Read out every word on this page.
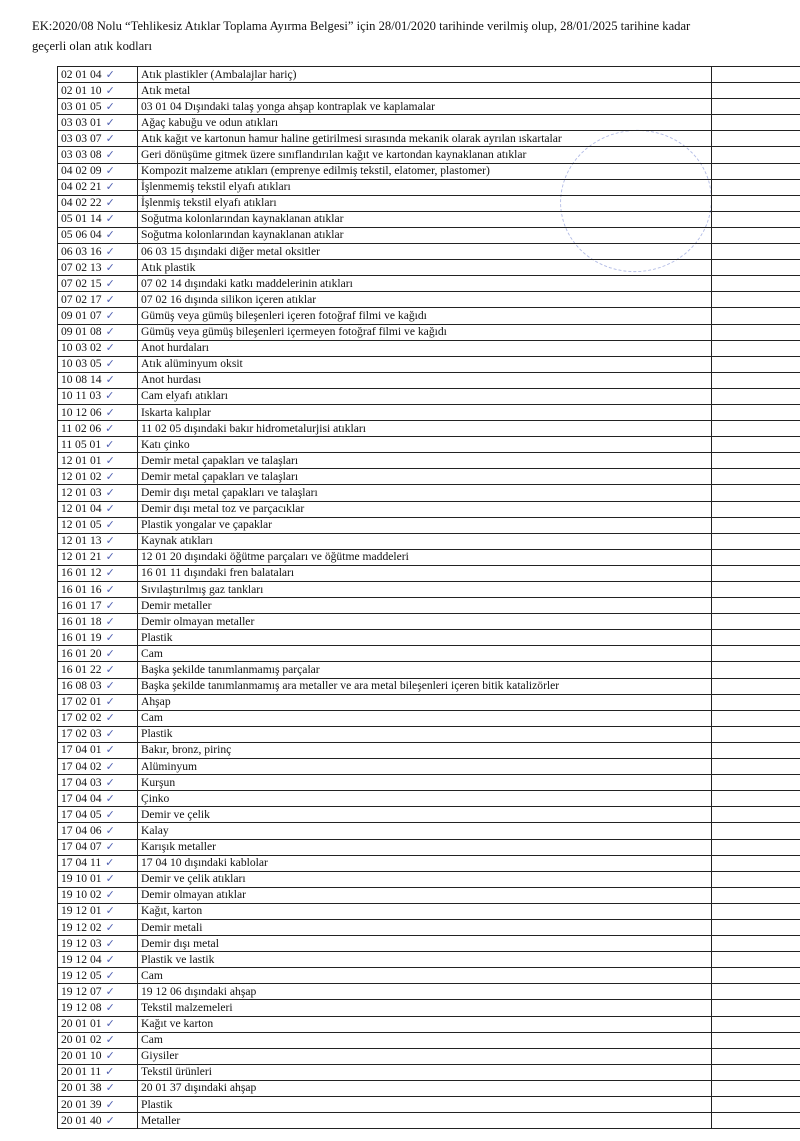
EK:2020/08 Nolu “Tehlikesiz Atıklar Toplama Ayırma Belgesi” için 28/01/2020 tarihinde verilmiş olup, 28/01/2025 tarihine kadar
geçerli olan atık kodları
02 01 04 ✓	Atık plastikler (Ambalajlar hariç)	
02 01 10 ✓	Atık metal	
03 01 05 ✓	03 01 04 Dışındaki talaş yonga ahşap kontraplak ve kaplamalar	
03 03 01 ✓	Ağaç kabuğu ve odun atıkları	
03 03 07 ✓	Atık kağıt ve kartonun hamur haline getirilmesi sırasında mekanik olarak ayrılan ıskartalar	
03 03 08 ✓	Geri dönüşüme gitmek üzere sınıflandırılan kağıt ve kartondan kaynaklanan atıklar	
04 02 09 ✓	Kompozit malzeme atıkları (emprenye edilmiş tekstil, elatomer, plastomer)	
04 02 21 ✓	İşlenmemiş tekstil elyafı atıkları	
04 02 22 ✓	İşlenmiş tekstil elyafı atıkları	
05 01 14 ✓	Soğutma kolonlarından kaynaklanan atıklar	
05 06 04 ✓	Soğutma kolonlarından kaynaklanan atıklar	
06 03 16 ✓	06 03 15 dışındaki diğer metal oksitler	
07 02 13 ✓	Atık plastik	
07 02 15 ✓	07 02 14 dışındaki katkı maddelerinin atıkları	
07 02 17 ✓	07 02 16 dışında silikon içeren atıklar	
09 01 07 ✓	Gümüş veya gümüş bileşenleri içeren fotoğraf filmi ve kağıdı	
09 01 08 ✓	Gümüş veya gümüş bileşenleri içermeyen fotoğraf filmi ve kağıdı	
10 03 02 ✓	Anot hurdaları	
10 03 05 ✓	Atık alüminyum oksit	
10 08 14 ✓	Anot hurdası	
10 11 03 ✓	Cam elyafı atıkları	
10 12 06 ✓	Iskarta kalıplar	
11 02 06 ✓	11 02 05 dışındaki bakır hidrometalurjisi atıkları	
11 05 01 ✓	Katı çinko	
12 01 01 ✓	Demir metal çapakları ve talaşları	
12 01 02 ✓	Demir metal çapakları ve talaşları	
12 01 03 ✓	Demir dışı metal çapakları ve talaşları	
12 01 04 ✓	Demir dışı metal toz ve parçacıklar	
12 01 05 ✓	Plastik yongalar ve çapaklar	
12 01 13 ✓	Kaynak atıkları	
12 01 21 ✓	12 01 20 dışındaki öğütme parçaları ve öğütme maddeleri	
16 01 12 ✓	16 01 11 dışındaki fren balataları	
16 01 16 ✓	Sıvılaştırılmış gaz tankları	
16 01 17 ✓	Demir metaller	
16 01 18 ✓	Demir olmayan metaller	
16 01 19 ✓	Plastik	
16 01 20 ✓	Cam	
16 01 22 ✓	Başka şekilde tanımlanmamış parçalar	
16 08 03 ✓	Başka şekilde tanımlanmamış ara metaller ve ara metal bileşenleri içeren bitik katalizörler	
17 02 01 ✓	Ahşap	
17 02 02 ✓	Cam	
17 02 03 ✓	Plastik	
17 04 01 ✓	Bakır, bronz, pirinç	
17 04 02 ✓	Alüminyum	
17 04 03 ✓	Kurşun	
17 04 04 ✓	Çinko	
17 04 05 ✓	Demir ve çelik	
17 04 06 ✓	Kalay	
17 04 07 ✓	Karışık metaller	
17 04 11 ✓	17 04 10 dışındaki kablolar	
19 10 01 ✓	Demir ve çelik atıkları	
19 10 02 ✓	Demir olmayan atıklar	
19 12 01 ✓	Kağıt, karton	
19 12 02 ✓	Demir metali	
19 12 03 ✓	Demir dışı metal	
19 12 04 ✓	Plastik ve lastik	
19 12 05 ✓	Cam	
19 12 07 ✓	19 12 06 dışındaki ahşap	
19 12 08 ✓	Tekstil malzemeleri	
20 01 01 ✓	Kağıt ve karton	
20 01 02 ✓	Cam	
20 01 10 ✓	Giysiler	
20 01 11 ✓	Tekstil ürünleri	
20 01 38 ✓	20 01 37 dışındaki ahşap	
20 01 39 ✓	Plastik	
20 01 40 ✓	Metaller	
